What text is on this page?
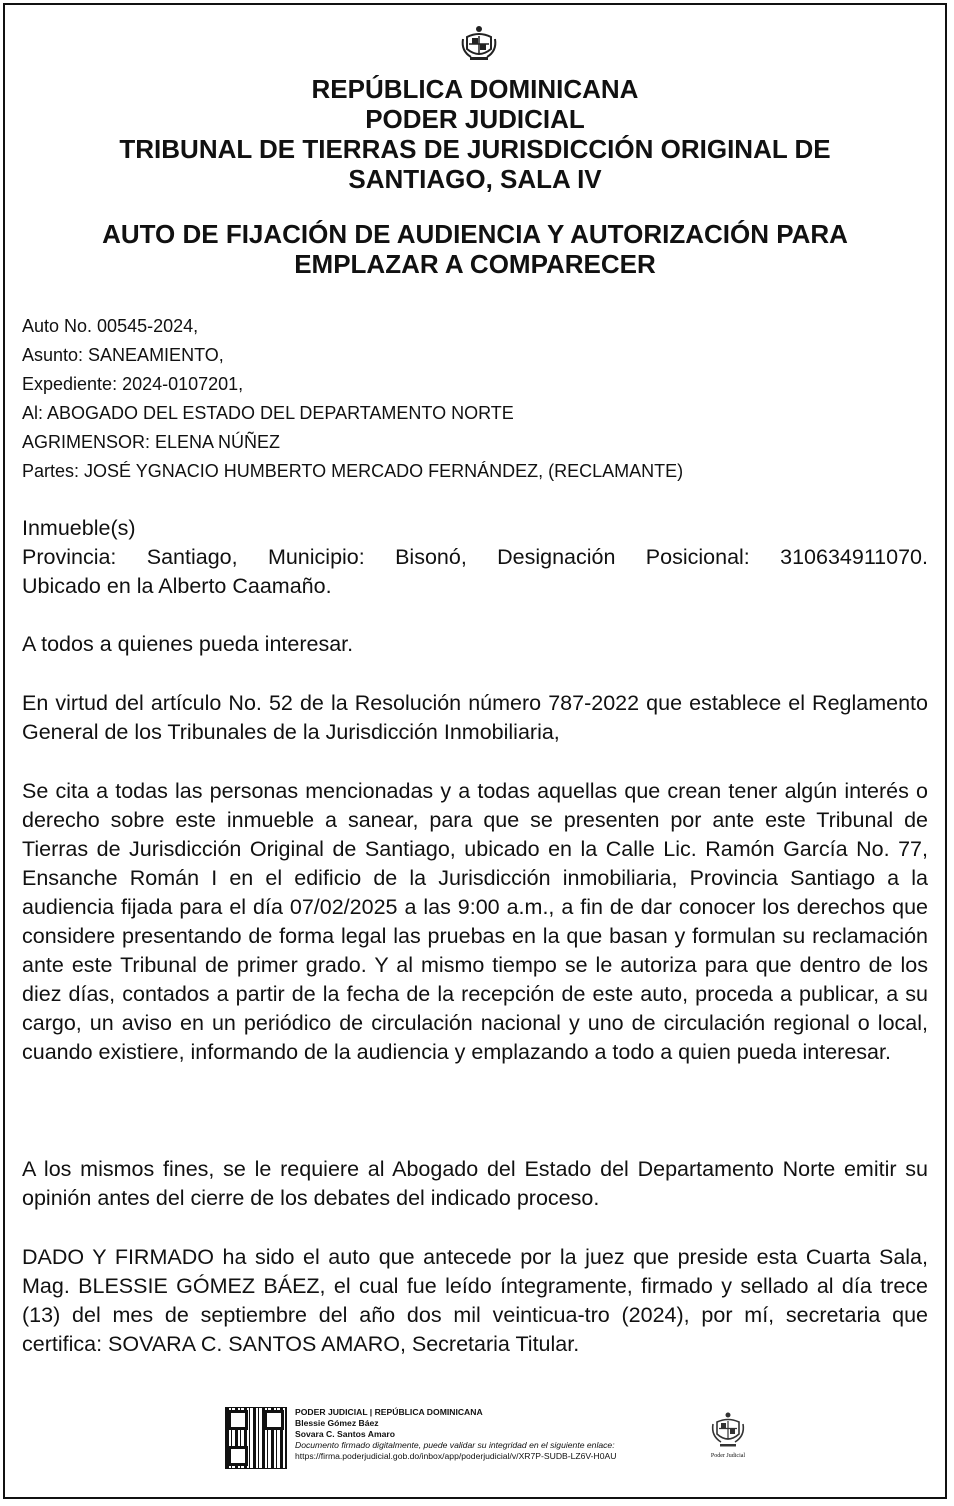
REPÚBLICA DOMINICANA
PODER JUDICIAL
TRIBUNAL DE TIERRAS DE JURISDICCIÓN ORIGINAL DE
SANTIAGO, SALA IV
AUTO DE FIJACIÓN DE AUDIENCIA Y AUTORIZACIÓN PARA
EMPLAZAR A COMPARECER
Auto No. 00545-2024,
Asunto: SANEAMIENTO,
Expediente: 2024-0107201,
Al: ABOGADO DEL ESTADO DEL DEPARTAMENTO NORTE
AGRIMENSOR: ELENA NÚÑEZ
Partes: JOSÉ YGNACIO HUMBERTO MERCADO FERNÁNDEZ, (RECLAMANTE)
Inmueble(s)
Provincia: Santiago, Municipio: Bisonó, Designación Posicional: 310634911070.
Ubicado en la Alberto Caamaño.

A todos a quienes pueda interesar.

En virtud del artículo No. 52 de la Resolución número 787-2022 que establece el Reglamento General de los Tribunales de la Jurisdicción Inmobiliaria,

Se cita a todas las personas mencionadas y a todas aquellas que crean tener algún interés o derecho sobre este inmueble a sanear, para que se presenten por ante este Tribunal de Tierras de Jurisdicción Original de Santiago, ubicado en la Calle Lic. Ramón García No. 77, Ensanche Román I en el edificio de la Jurisdicción inmobiliaria, Provincia Santiago a la audiencia fijada para el día 07/02/2025 a las 9:00 a.m., a fin de dar conocer los derechos que considere presentando de forma legal las pruebas en la que basan y formulan su reclamación ante este Tribunal de primer grado. Y al mismo tiempo se le autoriza para que dentro de los diez días, contados a partir de la fecha de la recepción de este auto, proceda a publicar, a su cargo, un aviso en un periódico de circulación nacional y uno de circulación regional o local, cuando existiere, informando de la audiencia y emplazando a todo a quien pueda interesar.

A los mismos fines, se le requiere al Abogado del Estado del Departamento Norte emitir su opinión antes del cierre de los debates del indicado proceso.

DADO Y FIRMADO ha sido el auto que antecede por la juez que preside esta Cuarta Sala, Mag. BLESSIE GÓMEZ BÁEZ, el cual fue leído íntegramente, firmado y sellado al día trece (13) del mes de septiembre del año dos mil veinticua-tro (2024), por mí, secretaria que certifica: SOVARA C. SANTOS AMARO, Secretaria Titular.

PODER JUDICIAL | REPÚBLICA DOMINICANA
Blessie Gómez Báez
Sovara C. Santos Amaro
Documento firmado digitalmente, puede validar su integridad en el siguiente enlace:
https://firma.poderjudicial.gob.do/inbox/app/poderjudicial/v/XR7P-SUDB-LZ6V-H0AU	Poder Judicial
